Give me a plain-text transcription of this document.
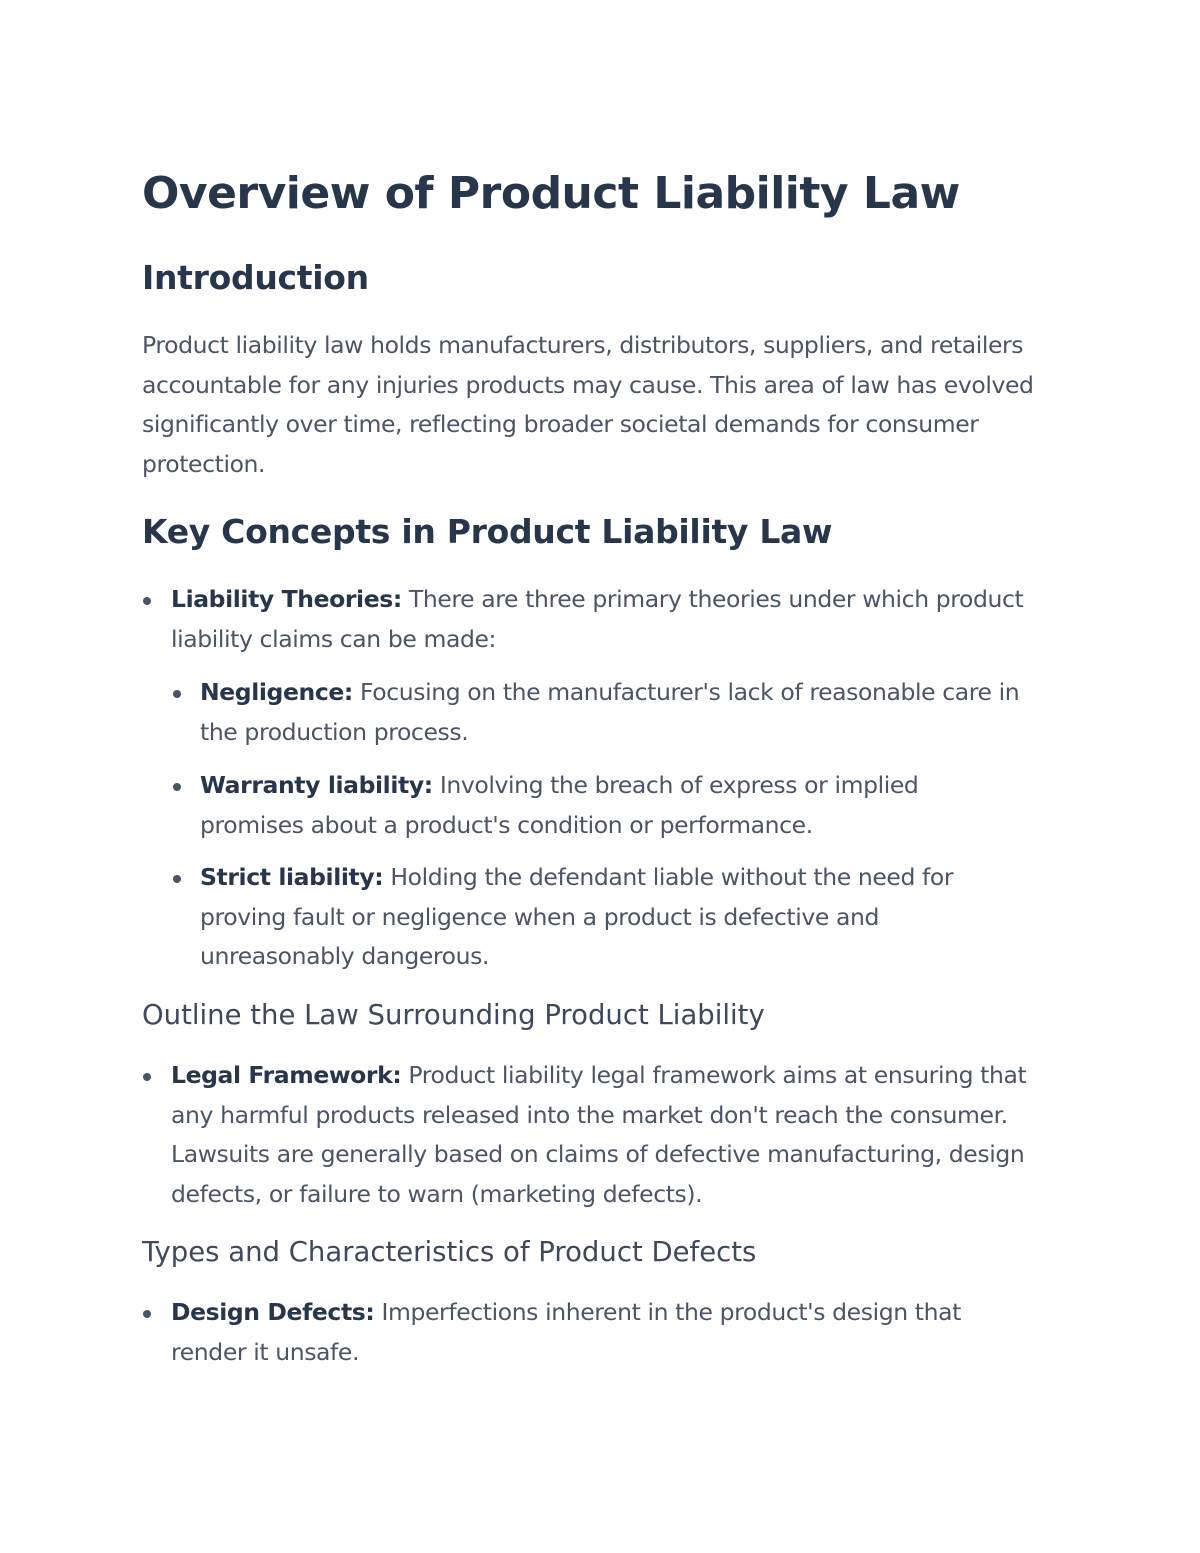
Overview of Product Liability Law
Introduction

Product liability law holds manufacturers, distributors, suppliers, and retailers accountable for any injuries products may cause. This area of law has evolved significantly over time, reflecting broader societal demands for consumer protection.

Key Concepts in Product Liability Law

Liability Theories: There are three primary theories under which product liability claims can be made:

Negligence: Focusing on the manufacturer's lack of reasonable care in the production process.

Warranty liability: Involving the breach of express or implied promises about a product's condition or performance.

Strict liability: Holding the defendant liable without the need for proving fault or negligence when a product is defective and unreasonably dangerous.

Outline the Law Surrounding Product Liability

Legal Framework: Product liability legal framework aims at ensuring that any harmful products released into the market don't reach the consumer. Lawsuits are generally based on claims of defective manufacturing, design defects, or failure to warn (marketing defects).

Types and Characteristics of Product Defects

Design Defects: Imperfections inherent in the product's design that render it unsafe.
